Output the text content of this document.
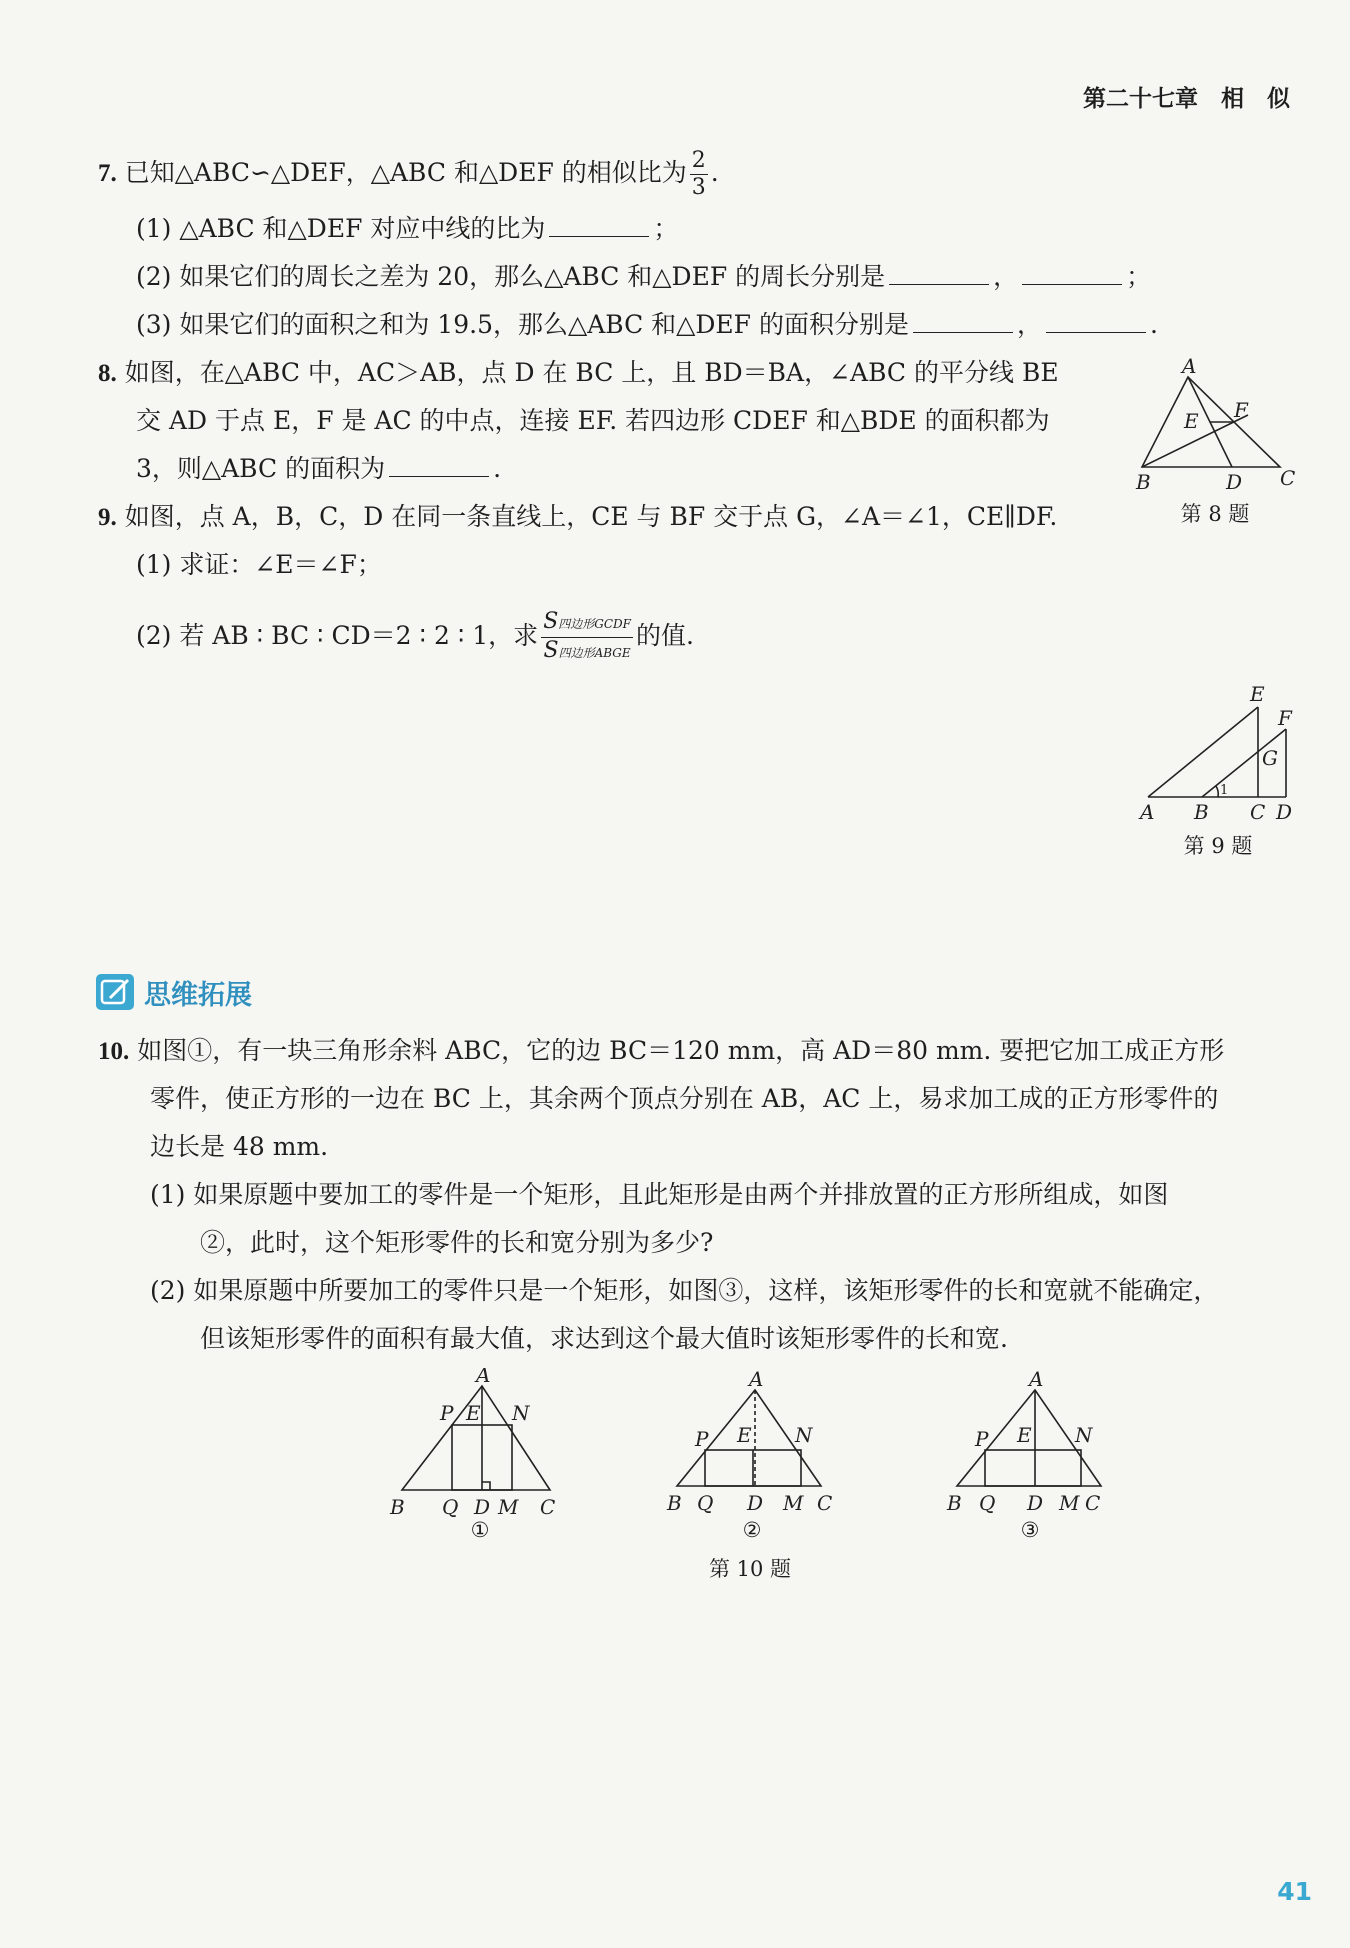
第二十七章　相　似
7. 已知△ABC∽△DEF，△ABC 和△DEF 的相似比为 $\frac{2}{3}$ .
(1) △ABC 和△DEF 对应中线的比为	；
(2) 如果它们的周长之差为 20，那么△ABC 和△DEF 的周长分别是	，	；
(3) 如果它们的面积之和为 19.5，那么△ABC 和△DEF 的面积分别是	，	.
8. 如图，在△ABC 中，AC＞AB，点 D 在 BC 上，且 BD＝BA，∠ABC 的平分线 BE
交 AD 于点 E，F 是 AC 的中点，连接 EF. 若四边形 CDEF 和△BDE 的面积都为
3，则△ABC 的面积为	.
A
B	C
D
E F
第 8 题
9. 如图，点 A，B，C，D 在同一条直线上，CE 与 BF 交于点 G，∠A＝∠1，CE∥DF.
(1) 求证：∠E＝∠F；
(2) 若 AB ∶ BC ∶ CD＝2 ∶ 2 ∶ 1，求 $\frac{\text{S四边形GCDF}}{\text{S四边形ABGE}}$ 的值.
E
F
G
A B C D
1
第 9 题
思维拓展
10. 如图①，有一块三角形余料 ABC，它的边 BC＝120 mm，高 AD＝80 mm. 要把它加工成正方形
零件，使正方形的一边在 BC 上，其余两个顶点分别在 AB，AC 上，易求加工成的正方形零件的
边长是 48 mm.
(1) 如果原题中要加工的零件是一个矩形，且此矩形是由两个并排放置的正方形所组成，如图
②，此时，这个矩形零件的长和宽分别为多少?
(2) 如果原题中所要加工的零件只是一个矩形，如图③，这样，该矩形零件的长和宽就不能确定，
但该矩形零件的面积有最大值，求达到这个最大值时该矩形零件的长和宽.
A
P E N
B Q D M C
①
A
P E N
B Q D M C
②
A
P E N
B Q D M C
③
第 10 题
41
